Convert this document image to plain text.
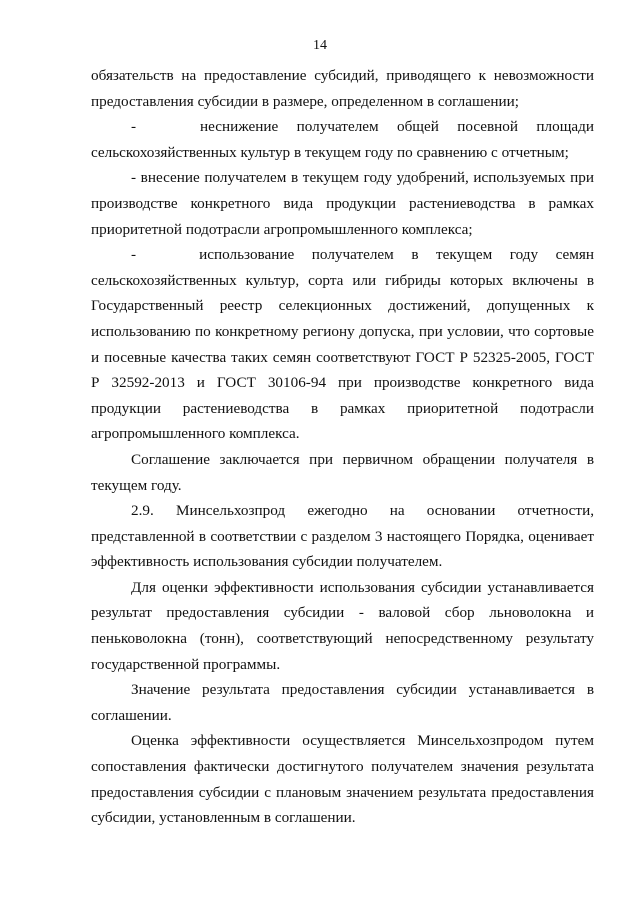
14

обязательств на предоставление субсидий, приводящего к невозможности предоставления субсидии в размере, определенном в соглашении;

-    неснижение получателем общей посевной площади сельскохозяйственных культур в текущем году по сравнению с отчетным;

- внесение получателем в текущем году удобрений, используемых при производстве конкретного вида продукции растениеводства в рамках приоритетной подотрасли агропромышленного комплекса;

-    использование получателем в текущем году семян сельскохозяйственных культур, сорта или гибриды которых включены в Государственный реестр селекционных достижений, допущенных к использованию по конкретному региону допуска, при условии, что сортовые и посевные качества таких семян соответствуют ГОСТ Р 52325-2005, ГОСТ Р 32592-2013 и ГОСТ 30106-94 при производстве конкретного вида продукции растениеводства в рамках приоритетной подотрасли агропромышленного комплекса.

Соглашение заключается при первичном обращении получателя в текущем году.

2.9. Минсельхозпрод ежегодно на основании отчетности, представленной в соответствии с разделом 3 настоящего Порядка, оценивает эффективность использования субсидии получателем.

Для оценки эффективности использования субсидии устанавливается результат предоставления субсидии - валовой сбор льноволокна и пеньковолокна (тонн), соответствующий непосредственному результату государственной программы.

Значение результата предоставления субсидии устанавливается в соглашении.

Оценка эффективности осуществляется Минсельхозпродом путем сопоставления фактически достигнутого получателем значения результата предоставления субсидии с плановым значением результата предоставления субсидии, установленным в соглашении.
